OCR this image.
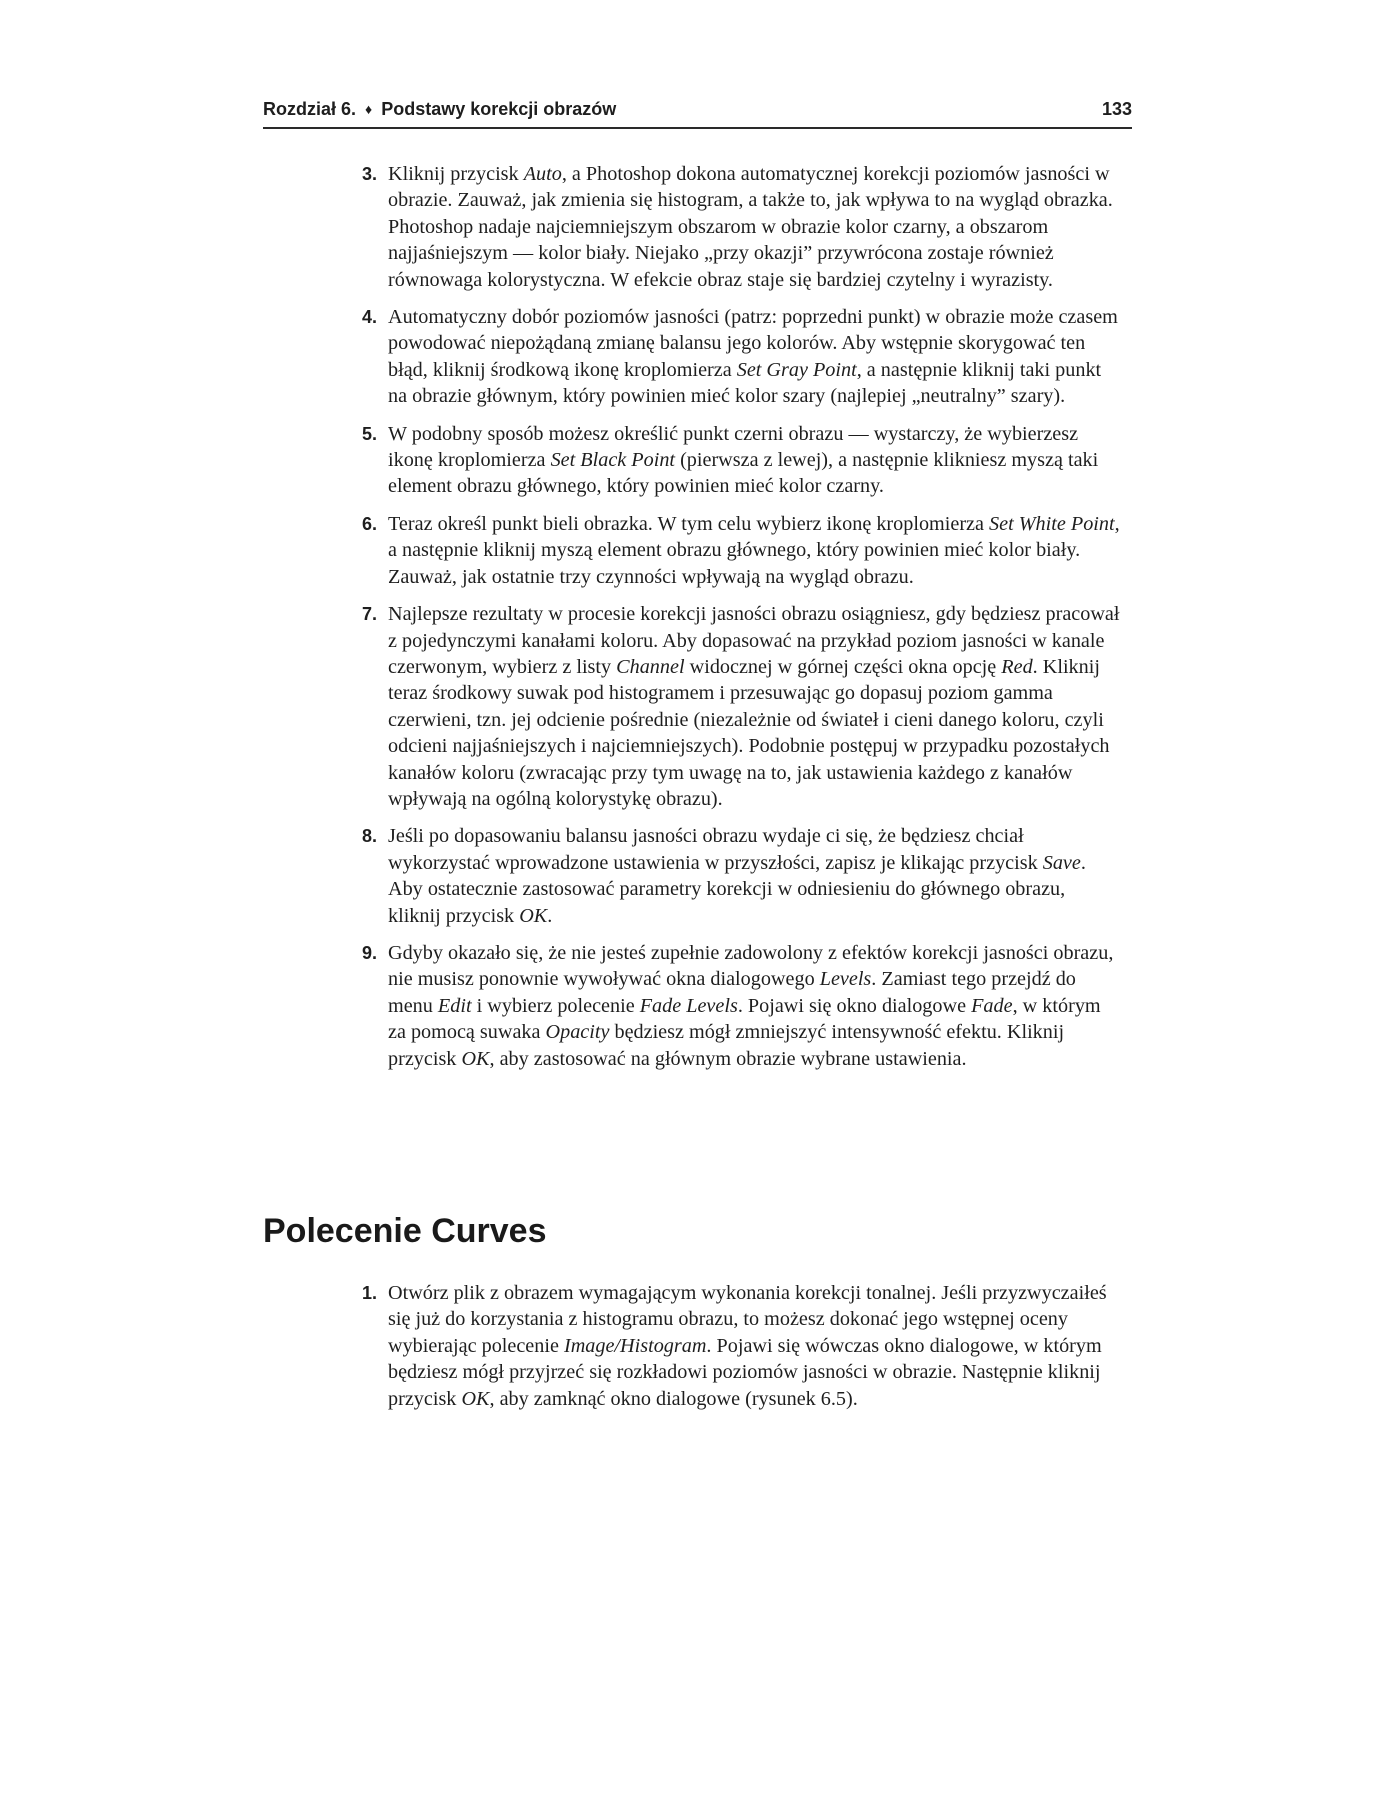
Rozdział 6. ♦ Podstawy korekcji obrazów	133
3. Kliknij przycisk Auto, a Photoshop dokona automatycznej korekcji poziomów jasności w obrazie. Zauważ, jak zmienia się histogram, a także to, jak wpływa to na wygląd obrazka. Photoshop nadaje najciemniejszym obszarom w obrazie kolor czarny, a obszarom najjaśniejszym — kolor biały. Niejako „przy okazji” przywrócona zostaje również równowaga kolorystyczna. W efekcie obraz staje się bardziej czytelny i wyrazisty.
4. Automatyczny dobór poziomów jasności (patrz: poprzedni punkt) w obrazie może czasem powodować niepożądaną zmianę balansu jego kolorów. Aby wstępnie skorygować ten błąd, kliknij środkową ikonę kroplomierza Set Gray Point, a następnie kliknij taki punkt na obrazie głównym, który powinien mieć kolor szary (najlepiej „neutralny” szary).
5. W podobny sposób możesz określić punkt czerni obrazu — wystarczy, że wybierzesz ikonę kroplomierza Set Black Point (pierwsza z lewej), a następnie klikniesz myszą taki element obrazu głównego, który powinien mieć kolor czarny.
6. Teraz określ punkt bieli obrazka. W tym celu wybierz ikonę kroplomierza Set White Point, a następnie kliknij myszą element obrazu głównego, który powinien mieć kolor biały. Zauważ, jak ostatnie trzy czynności wpływają na wygląd obrazu.
7. Najlepsze rezultaty w procesie korekcji jasności obrazu osiągniesz, gdy będziesz pracował z pojedynczymi kanałami koloru. Aby dopasować na przykład poziom jasności w kanale czerwonym, wybierz z listy Channel widocznej w górnej części okna opcję Red. Kliknij teraz środkowy suwak pod histogramem i przesuwając go dopasuj poziom gamma czerwieni, tzn. jej odcienie pośrednie (niezależnie od świateł i cieni danego koloru, czyli odcieni najjaśniejszych i najciemniejszych). Podobnie postępuj w przypadku pozostałych kanałów koloru (zwracając przy tym uwagę na to, jak ustawienia każdego z kanałów wpływają na ogólną kolorystykę obrazu).
8. Jeśli po dopasowaniu balansu jasności obrazu wydaje ci się, że będziesz chciał wykorzystać wprowadzone ustawienia w przyszłości, zapisz je klikając przycisk Save. Aby ostatecznie zastosować parametry korekcji w odniesieniu do głównego obrazu, kliknij przycisk OK.
9. Gdyby okazało się, że nie jesteś zupełnie zadowolony z efektów korekcji jasności obrazu, nie musisz ponownie wywoływać okna dialogowego Levels. Zamiast tego przejdź do menu Edit i wybierz polecenie Fade Levels. Pojawi się okno dialogowe Fade, w którym za pomocą suwaka Opacity będziesz mógł zmniejszyć intensywność efektu. Kliknij przycisk OK, aby zastosować na głównym obrazie wybrane ustawienia.
Polecenie Curves
1. Otwórz plik z obrazem wymagającym wykonania korekcji tonalnej. Jeśli przyzwyczaiłeś się już do korzystania z histogramu obrazu, to możesz dokonać jego wstępnej oceny wybierając polecenie Image/Histogram. Pojawi się wówczas okno dialogowe, w którym będziesz mógł przyjrzeć się rozkładowi poziomów jasności w obrazie. Następnie kliknij przycisk OK, aby zamknąć okno dialogowe (rysunek 6.5).
